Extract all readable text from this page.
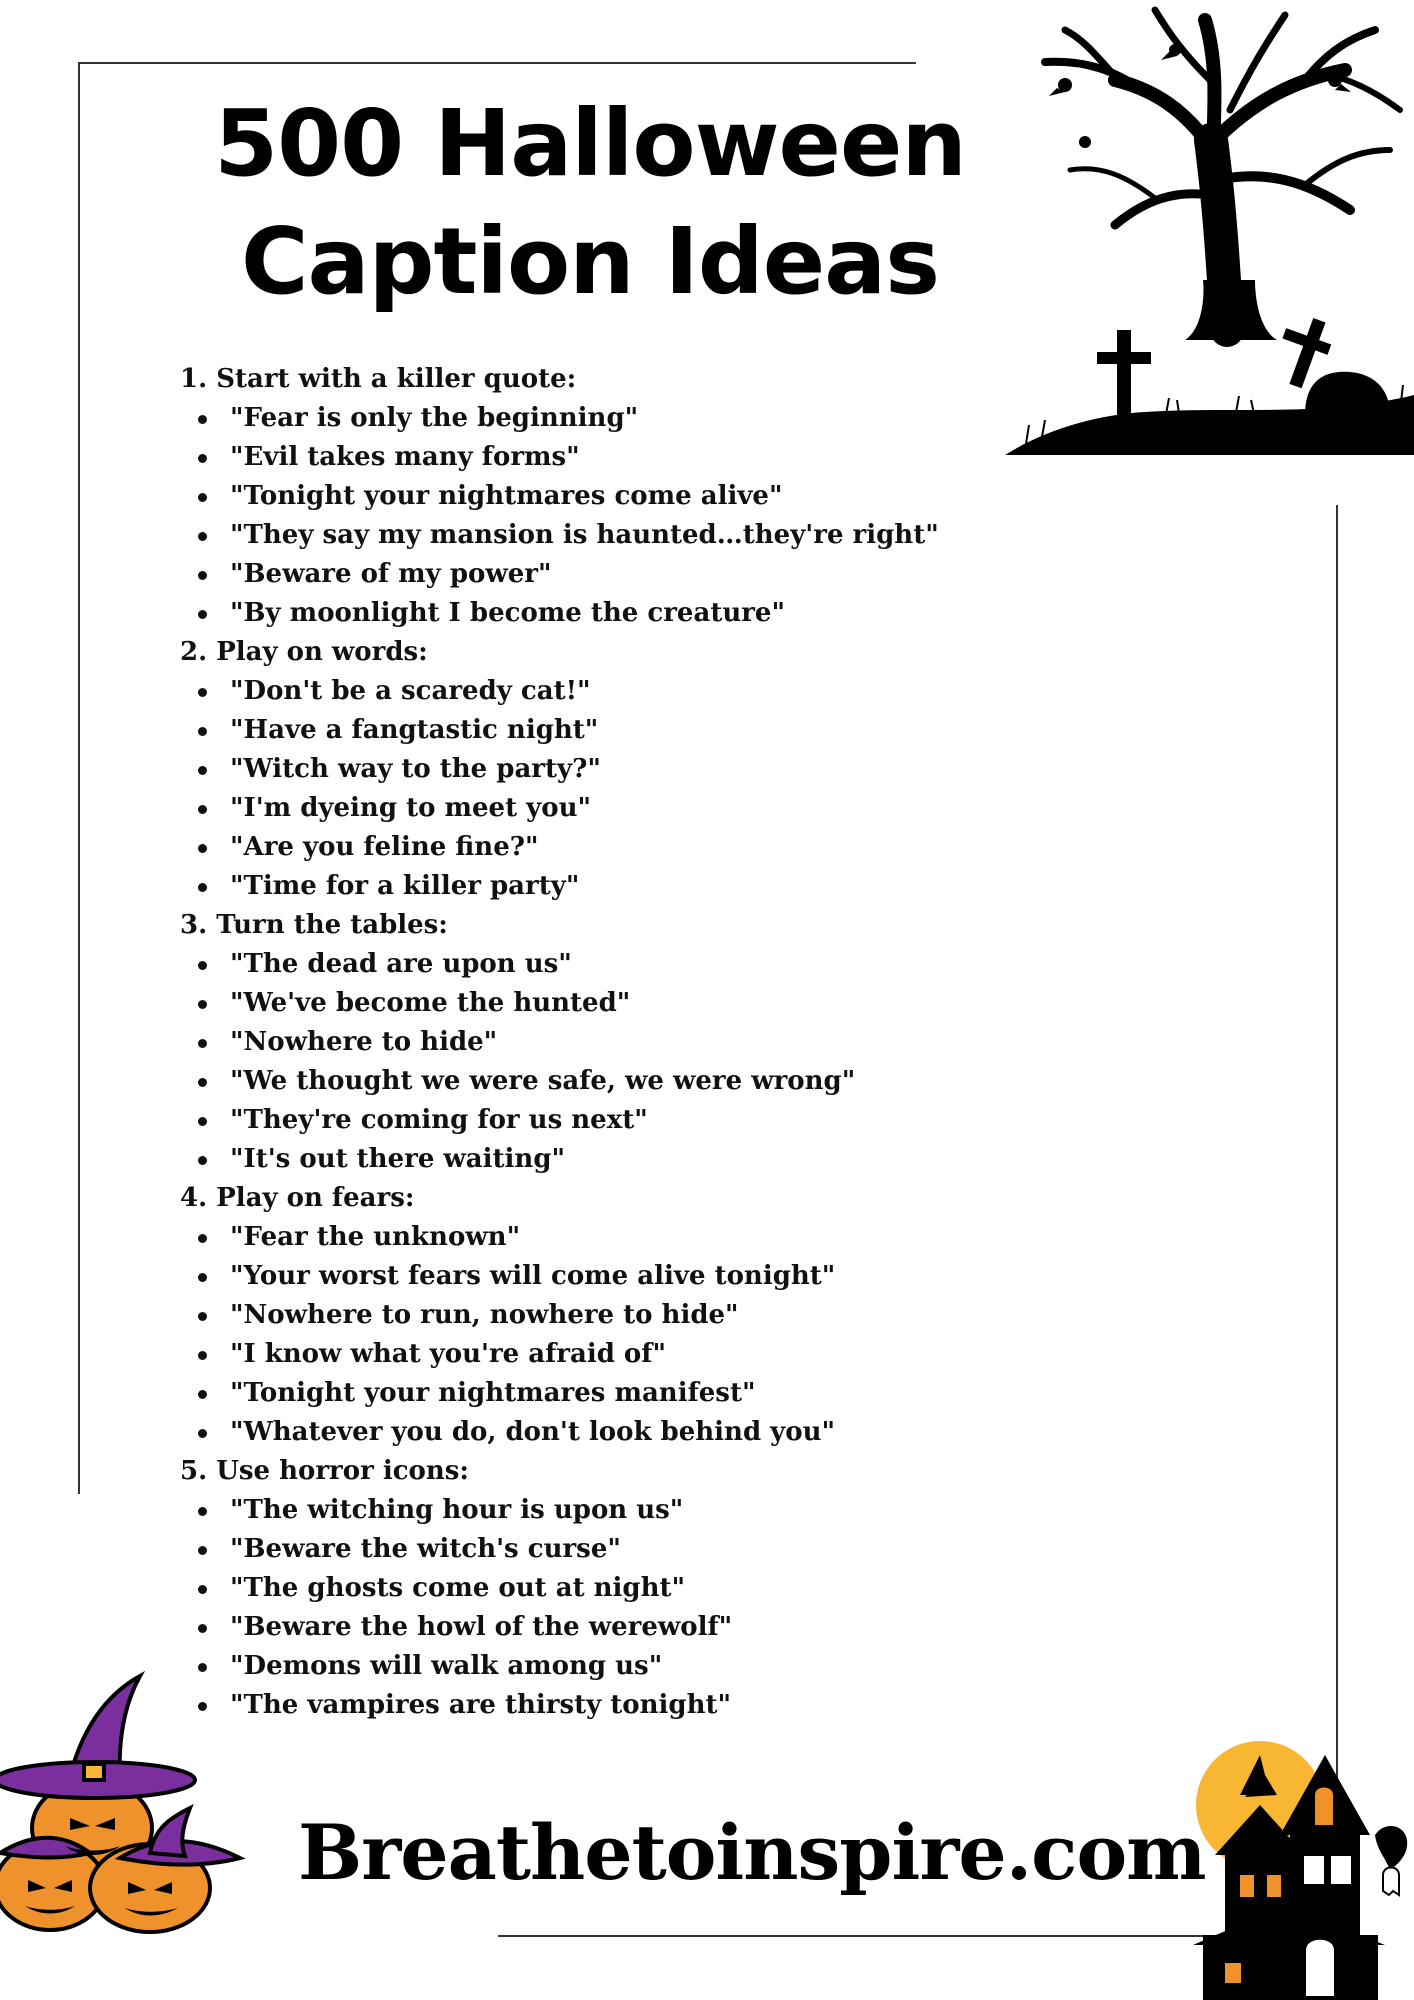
500 Halloween
Caption Ideas
1. Start with a killer quote:
"Fear is only the beginning"
"Evil takes many forms"
"Tonight your nightmares come alive"
"They say my mansion is haunted…they're right"
"Beware of my power"
"By moonlight I become the creature"
2. Play on words:
"Don't be a scaredy cat!"
"Have a fangtastic night"
"Witch way to the party?"
"I'm dyeing to meet you"
"Are you feline fine?"
"Time for a killer party"
3. Turn the tables:
"The dead are upon us"
"We've become the hunted"
"Nowhere to hide"
"We thought we were safe, we were wrong"
"They're coming for us next"
"It's out there waiting"
4. Play on fears:
"Fear the unknown"
"Your worst fears will come alive tonight"
"Nowhere to run, nowhere to hide"
"I know what you're afraid of"
"Tonight your nightmares manifest"
"Whatever you do, don't look behind you"
5. Use horror icons:
"The witching hour is upon us"
"Beware the witch's curse"
"The ghosts come out at night"
"Beware the howl of the werewolf"
"Demons will walk among us"
"The vampires are thirsty tonight"
Breathetoinspire.com
